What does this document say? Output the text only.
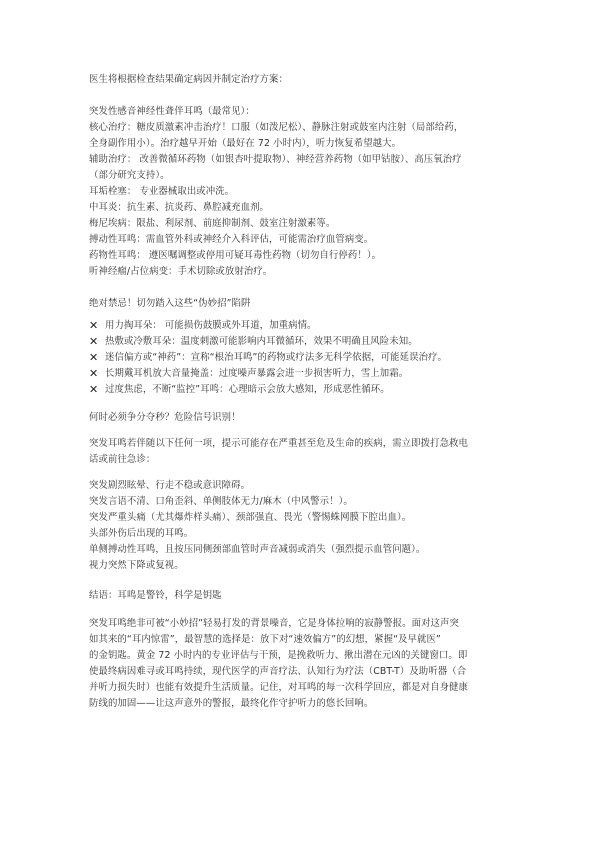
医生将根据检查结果确定病因并制定治疗方案：

突发性感音神经性聋伴耳鸣（最常见）：

核心治疗：糖皮质激素冲击治疗！口服（如泼尼松）、静脉注射或鼓室内注射（局部给药，

全身副作用小）。治疗越早开始（最好在 72 小时内），听力恢复希望越大。

辅助治疗： 改善微循环药物（如银杏叶提取物）、神经营养药物（如甲钴胺）、高压氧治疗

（部分研究支持）。

耳垢栓塞： 专业器械取出或冲洗。

中耳炎：抗生素、抗炎药、鼻腔减充血剂。

梅尼埃病：限盐、利尿剂、前庭抑制剂、鼓室注射激素等。

搏动性耳鸣：需血管外科或神经介入科评估，可能需治疗血管病变。

药物性耳鸣： 遵医嘱调整或停用可疑耳毒性药物（切勿自行停药！）。

听神经瘤/占位病变：手术切除或放射治疗。

绝对禁忌！切勿踏入这些“伪妙招”陷阱

✕ 用力掏耳朵： 可能损伤鼓膜或外耳道，加重病情。
✕ 热敷或冷敷耳朵：温度刺激可能影响内耳微循环，效果不明确且风险未知。
✕ 迷信偏方或“神药”：宣称“根治耳鸣”的药物或疗法多无科学依据，可能延误治疗。
✕ 长期戴耳机放大音量掩盖：过度噪声暴露会进一步损害听力，雪上加霜。
✕ 过度焦虑，不断“监控”耳鸣：心理暗示会放大感知，形成恶性循环。

何时必须争分夺秒？危险信号识别！

突发耳鸣若伴随以下任何一项，提示可能存在严重甚至危及生命的疾病，需立即拨打急救电

话或前往急诊：

突发剧烈眩晕、行走不稳或意识障碍。

突发言语不清、口角歪斜、单侧肢体无力/麻木（中风警示！）。

突发严重头痛（尤其爆炸样头痛）、颈部强直、畏光（警惕蛛网膜下腔出血）。

头部外伤后出现的耳鸣。

单侧搏动性耳鸣，且按压同侧颈部血管时声音减弱或消失（强烈提示血管问题）。

视力突然下降或复视。

结语：耳鸣是警铃，科学是钥匙

突发耳鸣绝非可被“小妙招”轻易打发的背景噪音，它是身体拉响的寂静警报。面对这声突

如其来的“耳内惊雷”，最智慧的选择是：放下对“速效偏方”的幻想，紧握“及早就医”

的金钥匙。黄金 72 小时内的专业评估与干预，是挽救听力、揪出潜在元凶的关键窗口。即

使最终病因难寻或耳鸣持续，现代医学的声音疗法、认知行为疗法（CBT-T）及助听器（合

并听力损失时）也能有效提升生活质量。记住，对耳鸣的每一次科学回应，都是对自身健康

防线的加固——让这声意外的警报，最终化作守护听力的悠长回响。
